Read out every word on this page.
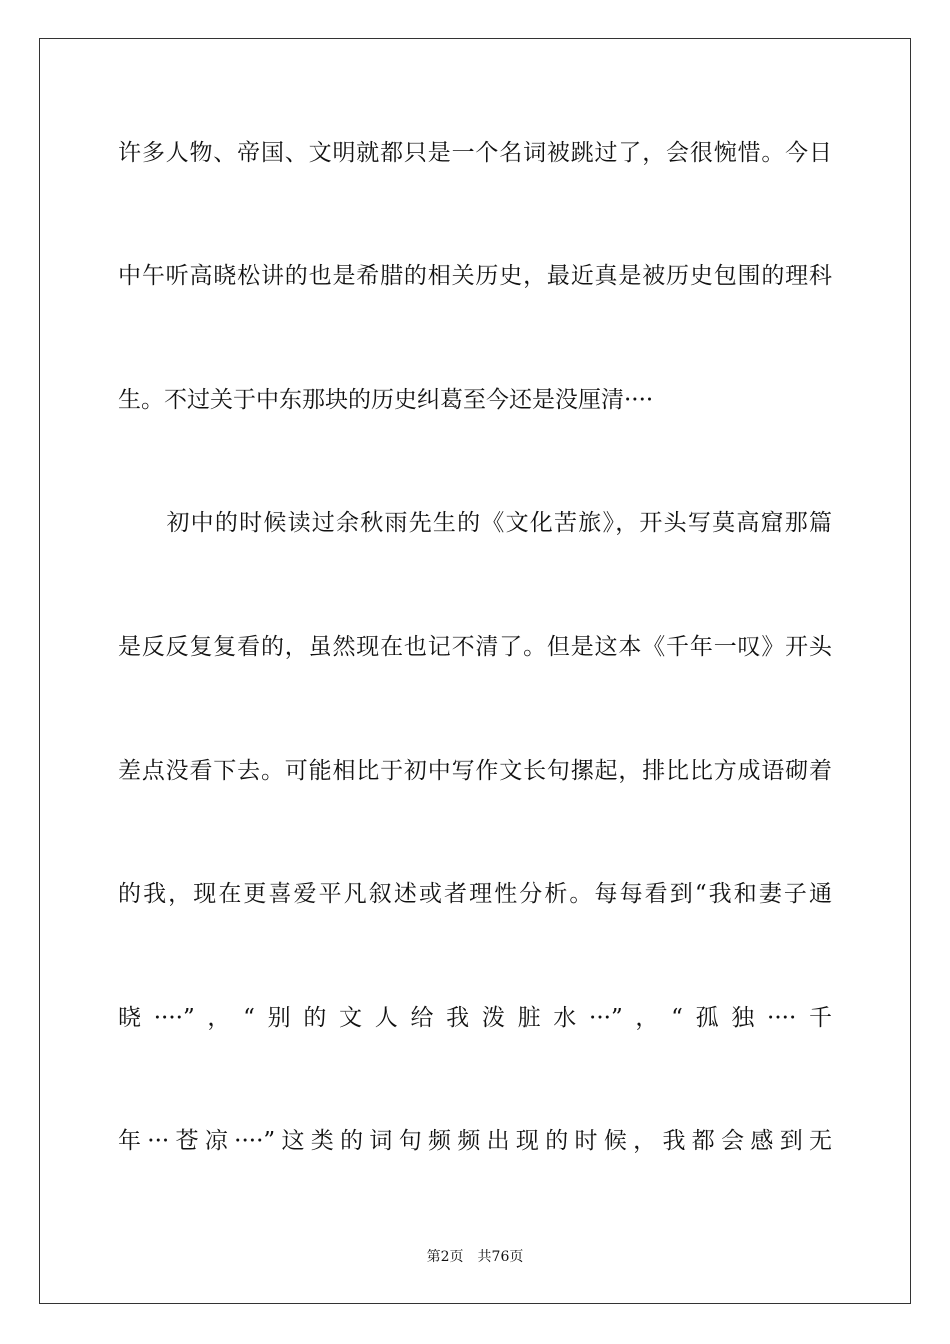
许多人物、帝国、文明就都只是一个名词被跳过了，会很惋惜。今日
中午听高晓松讲的也是希腊的相关历史，最近真是被历史包围的理科
生。不过关于中东那块的历史纠葛至今还是没厘清····
　　初中的时候读过余秋雨先生的《文化苦旅》，开头写莫高窟那篇
是反反复复看的，虽然现在也记不清了。但是这本《千年一叹》开头
差点没看下去。可能相比于初中写作文长句摞起，排比比方成语砌着
的我，现在更喜爱平凡叙述或者理性分析。每每看到“我和妻子通
晓····”，“别的文人给我泼脏水···”，“孤独····千
年···苍凉····”这类的词句频频出现的时候，我都会感到无
第2页 共76页
